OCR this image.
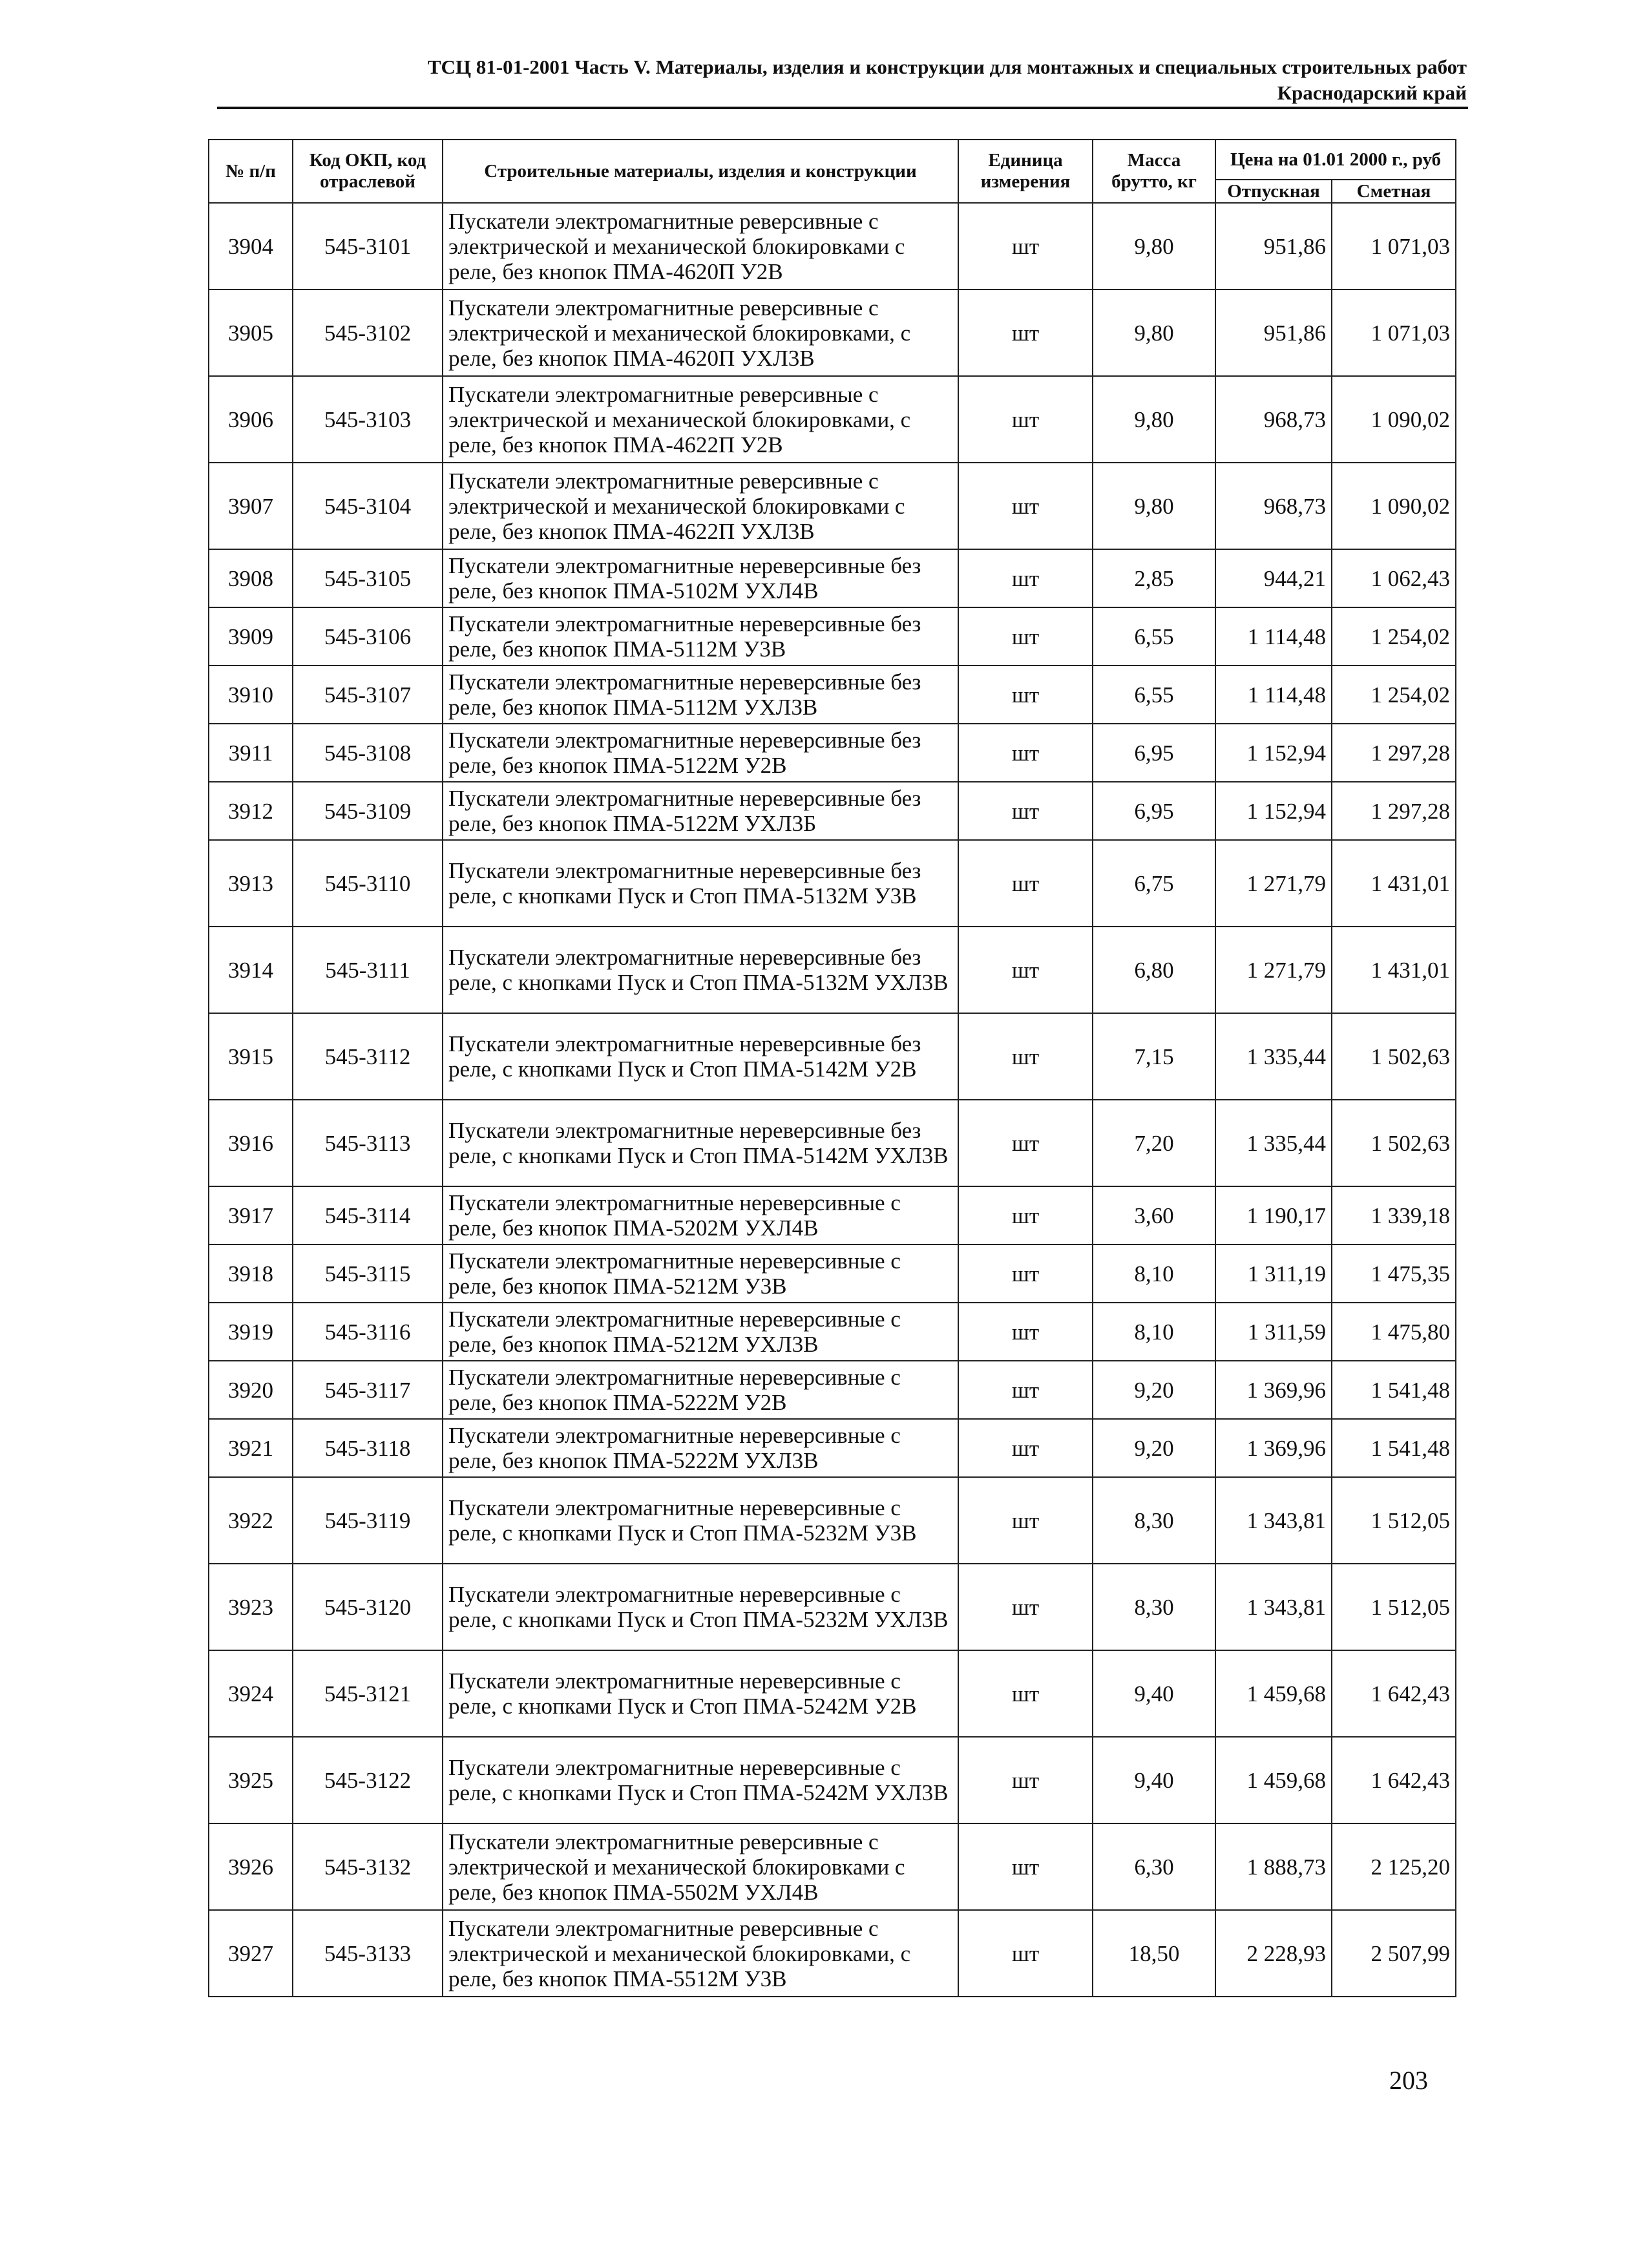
ТСЦ 81-01-2001 Часть V. Материалы, изделия и конструкции для монтажных и специальных строительных работ
Краснодарский край
№ п/п	Код ОКП, код отраслевой	Строительные материалы, изделия и конструкции	Единица измерения	Масса брутто, кг	Цена на 01.01 2000 г., руб	
					Отпускная	Сметная
3904	545-3101	Пускатели электромагнитные реверсивные с электрической и механической блокировками с реле, без кнопок ПМА-4620П У2В	шт	9,80	951,86	1 071,03
3905	545-3102	Пускатели электромагнитные реверсивные с электрической и механической блокировками, с реле, без кнопок ПМА-4620П УХЛ3В	шт	9,80	951,86	1 071,03
3906	545-3103	Пускатели электромагнитные реверсивные с электрической и механической блокировками, с реле, без кнопок ПМА-4622П У2В	шт	9,80	968,73	1 090,02
3907	545-3104	Пускатели электромагнитные реверсивные с электрической и механической блокировками с реле, без кнопок ПМА-4622П УХЛ3В	шт	9,80	968,73	1 090,02
3908	545-3105	Пускатели электромагнитные нереверсивные без реле, без кнопок ПМА-5102М УХЛ4В	шт	2,85	944,21	1 062,43
3909	545-3106	Пускатели электромагнитные нереверсивные без реле, без кнопок ПМА-5112М У3В	шт	6,55	1 114,48	1 254,02
3910	545-3107	Пускатели электромагнитные нереверсивные без реле, без кнопок ПМА-5112М УХЛ3В	шт	6,55	1 114,48	1 254,02
3911	545-3108	Пускатели электромагнитные нереверсивные без реле, без кнопок ПМА-5122М У2В	шт	6,95	1 152,94	1 297,28
3912	545-3109	Пускатели электромагнитные нереверсивные без реле, без кнопок ПМА-5122М УХЛ3Б	шт	6,95	1 152,94	1 297,28
3913	545-3110	Пускатели электромагнитные нереверсивные без реле, с кнопками Пуск и Стоп ПМА-5132М У3В	шт	6,75	1 271,79	1 431,01
3914	545-3111	Пускатели электромагнитные нереверсивные без реле, с кнопками Пуск и Стоп ПМА-5132М УХЛ3В	шт	6,80	1 271,79	1 431,01
3915	545-3112	Пускатели электромагнитные нереверсивные без реле, с кнопками Пуск и Стоп ПМА-5142М У2В	шт	7,15	1 335,44	1 502,63
3916	545-3113	Пускатели электромагнитные нереверсивные без реле, с кнопками Пуск и Стоп ПМА-5142М УХЛ3В	шт	7,20	1 335,44	1 502,63
3917	545-3114	Пускатели электромагнитные нереверсивные с реле, без кнопок ПМА-5202М УХЛ4В	шт	3,60	1 190,17	1 339,18
3918	545-3115	Пускатели электромагнитные нереверсивные с реле, без кнопок ПМА-5212М У3В	шт	8,10	1 311,19	1 475,35
3919	545-3116	Пускатели электромагнитные нереверсивные с реле, без кнопок ПМА-5212М УХЛ3В	шт	8,10	1 311,59	1 475,80
3920	545-3117	Пускатели электромагнитные нереверсивные с реле, без кнопок ПМА-5222М У2В	шт	9,20	1 369,96	1 541,48
3921	545-3118	Пускатели электромагнитные нереверсивные с реле, без кнопок ПМА-5222М УХЛ3В	шт	9,20	1 369,96	1 541,48
3922	545-3119	Пускатели электромагнитные нереверсивные с реле, с кнопками Пуск и Стоп ПМА-5232М У3В	шт	8,30	1 343,81	1 512,05
3923	545-3120	Пускатели электромагнитные нереверсивные с реле, с кнопками Пуск и Стоп ПМА-5232М УХЛ3В	шт	8,30	1 343,81	1 512,05
3924	545-3121	Пускатели электромагнитные нереверсивные с реле, с кнопками Пуск и Стоп ПМА-5242М У2В	шт	9,40	1 459,68	1 642,43
3925	545-3122	Пускатели электромагнитные нереверсивные с реле, с кнопками Пуск и Стоп ПМА-5242М УХЛ3В	шт	9,40	1 459,68	1 642,43
3926	545-3132	Пускатели электромагнитные реверсивные с электрической и механической блокировками с реле, без кнопок ПМА-5502М УХЛ4В	шт	6,30	1 888,73	2 125,20
3927	545-3133	Пускатели электромагнитные реверсивные с электрической и механической блокировками, с реле, без кнопок ПМА-5512М У3В	шт	18,50	2 228,93	2 507,99
203
